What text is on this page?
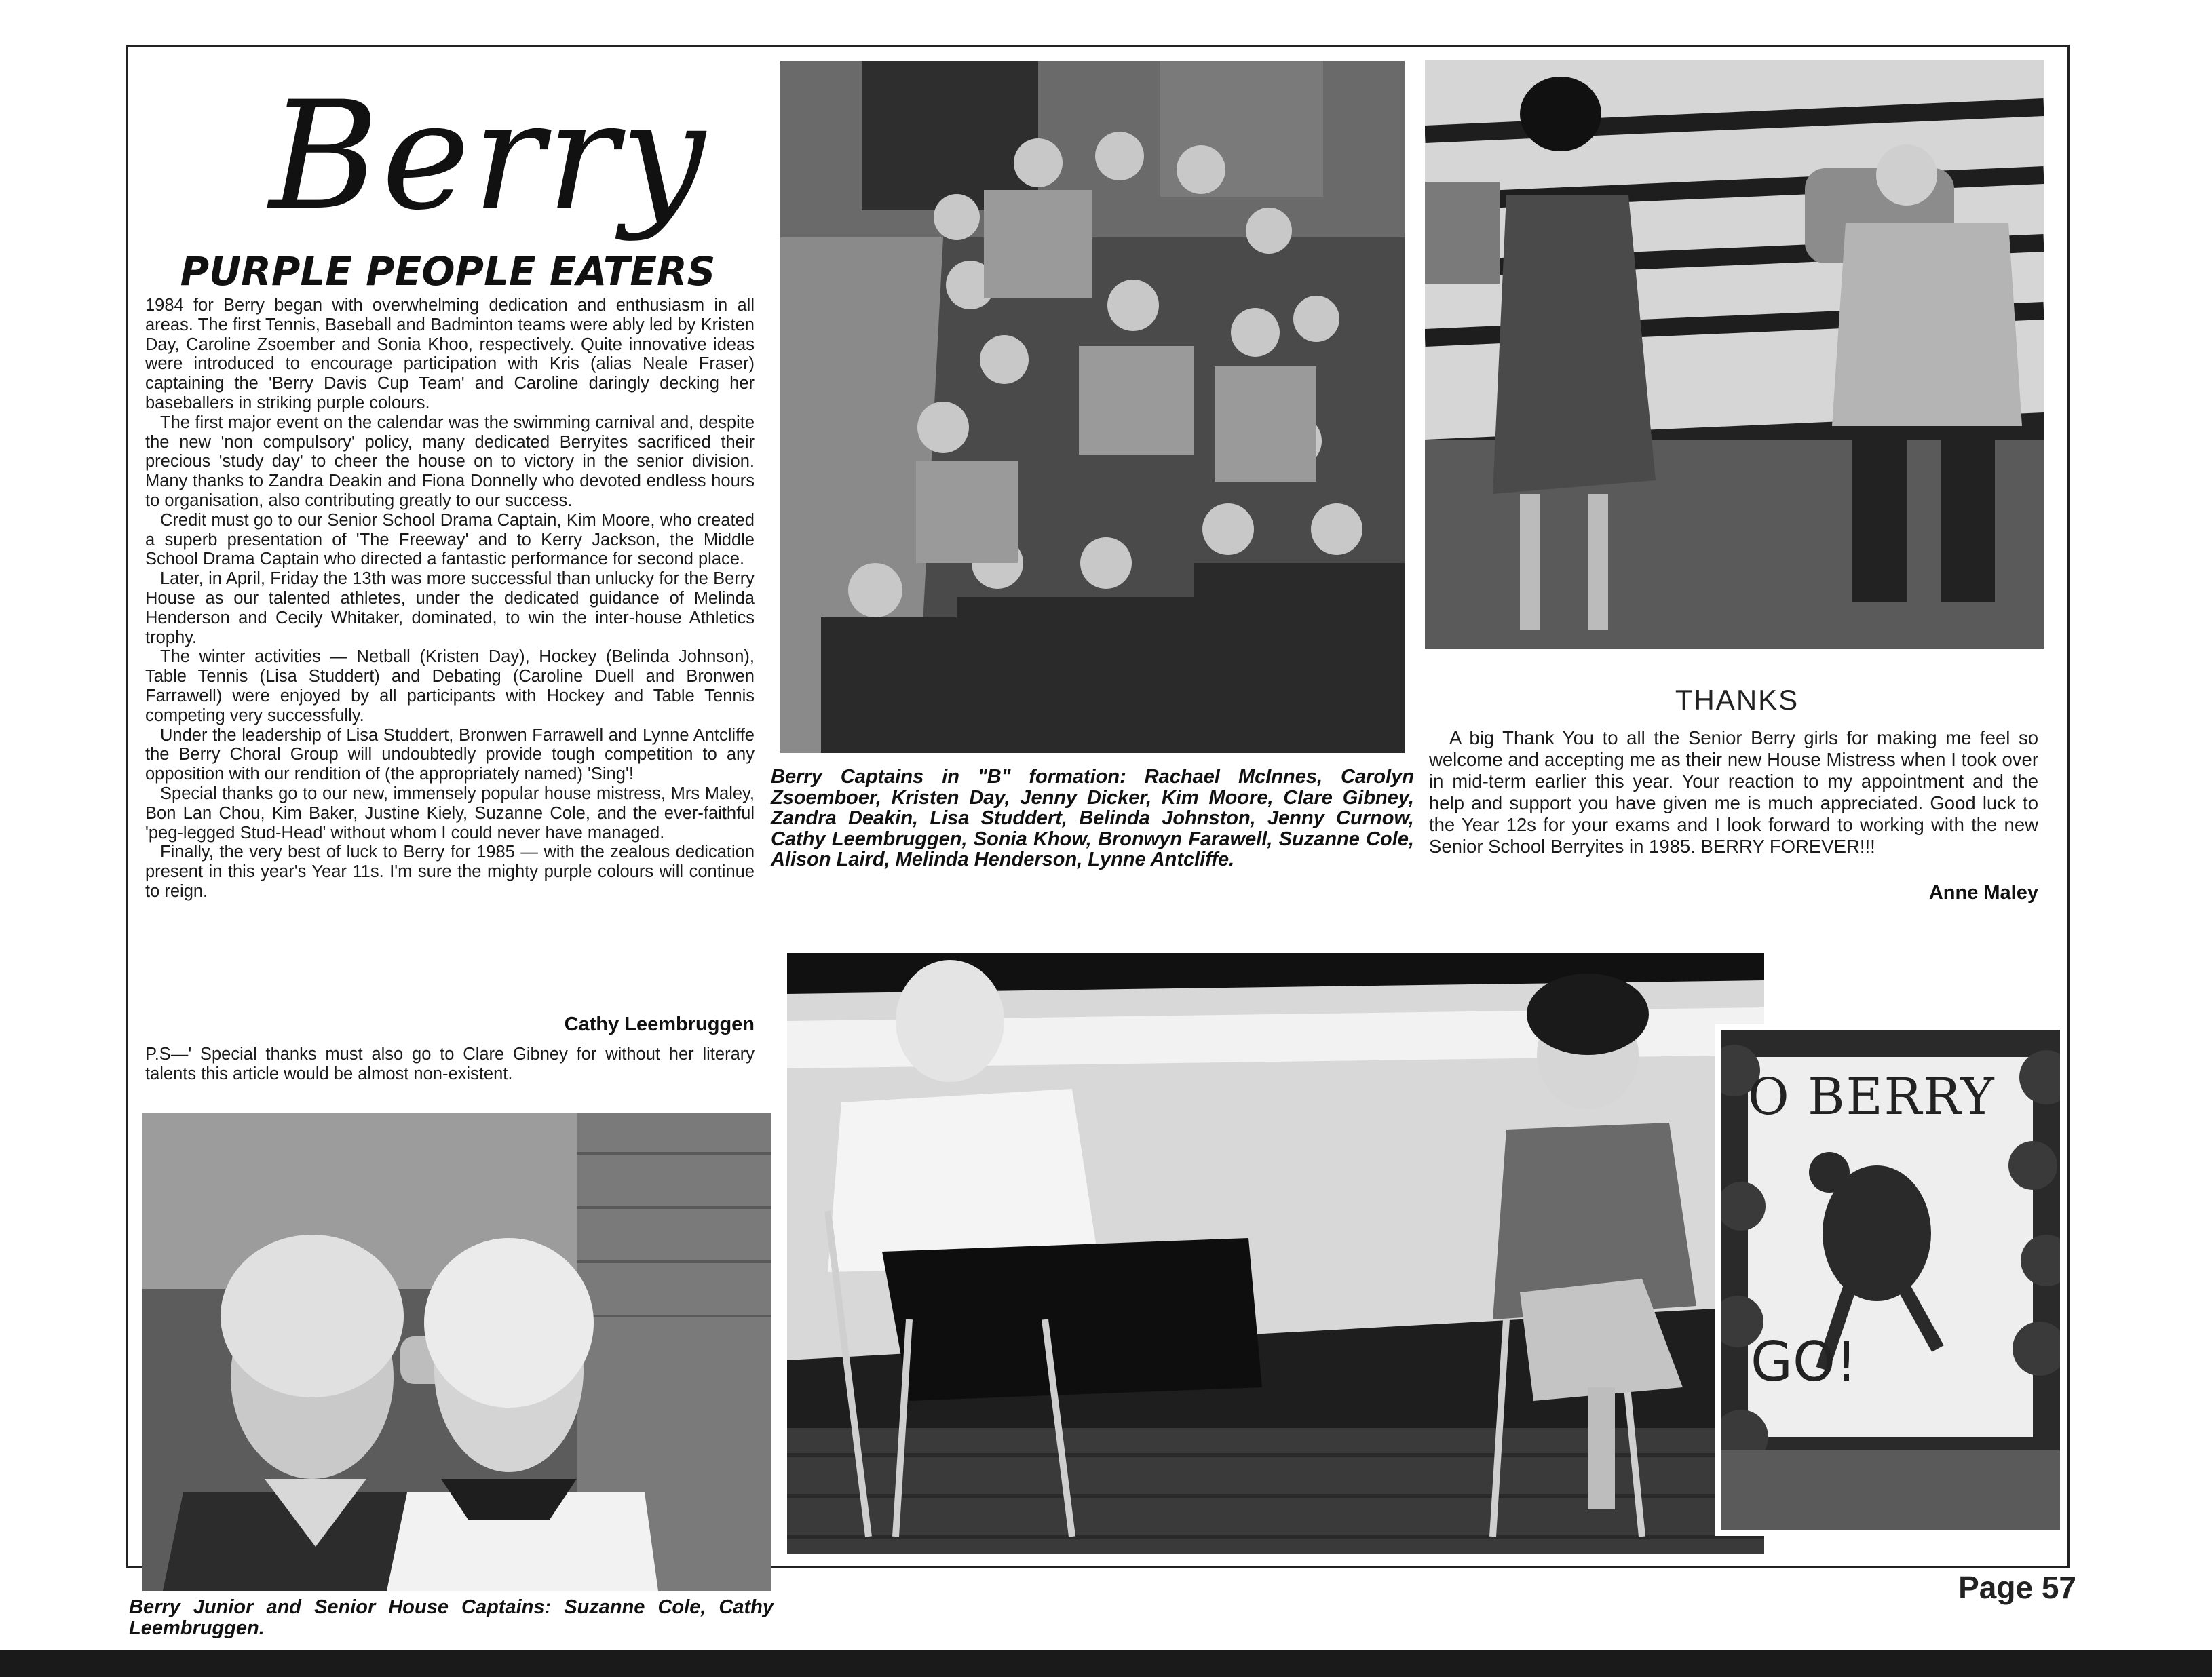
Berry
PURPLE PEOPLE EATERS

1984 for Berry began with overwhelming dedication and enthusiasm in all areas. The first Tennis, Baseball and Badminton teams were ably led by Kristen Day, Caroline Zsoember and Sonia Khoo, respectively. Quite innovative ideas were introduced to encourage participation with Kris (alias Neale Fraser) captaining the 'Berry Davis Cup Team' and Caroline daringly decking her baseballers in striking purple colours.

The first major event on the calendar was the swimming carnival and, despite the new 'non compulsory' policy, many dedicated Berryites sacrificed their precious 'study day' to cheer the house on to victory in the senior division. Many thanks to Zandra Deakin and Fiona Donnelly who devoted endless hours to organisation, also contributing greatly to our success.

Credit must go to our Senior School Drama Captain, Kim Moore, who created a superb presentation of 'The Freeway' and to Kerry Jackson, the Middle School Drama Captain who directed a fantastic performance for second place.

Later, in April, Friday the 13th was more successful than unlucky for the Berry House as our talented athletes, under the dedicated guidance of Melinda Henderson and Cecily Whitaker, dominated, to win the inter-house Athletics trophy.

The winter activities — Netball (Kristen Day), Hockey (Belinda Johnson), Table Tennis (Lisa Studdert) and Debating (Caroline Duell and Bronwen Farrawell) were enjoyed by all participants with Hockey and Table Tennis competing very successfully.

Under the leadership of Lisa Studdert, Bronwen Farrawell and Lynne Antcliffe the Berry Choral Group will undoubtedly provide tough competition to any opposition with our rendition of (the appropriately named) 'Sing'!

Special thanks go to our new, immensely popular house mistress, Mrs Maley, Bon Lan Chou, Kim Baker, Justine Kiely, Suzanne Cole, and the ever-faithful 'peg-legged Stud-Head' without whom I could never have managed.

Finally, the very best of luck to Berry for 1985 — with the zealous dedication present in this year's Year 11s. I'm sure the mighty purple colours will continue to reign.

Cathy Leembruggen
P.S—' Special thanks must also go to Clare Gibney for without her literary talents this article would be almost non-existent.
Berry Captains in "B" formation: Rachael McInnes, Carolyn Zsoemboer, Kristen Day, Jenny Dicker, Kim Moore, Clare Gibney, Zandra Deakin, Lisa Studdert, Belinda Johnston, Jenny Curnow, Cathy Leembruggen, Sonia Khow, Bronwyn Farawell, Suzanne Cole, Alison Laird, Melinda Henderson, Lynne Antcliffe.
THANKS

A big Thank You to all the Senior Berry girls for making me feel so welcome and accepting me as their new House Mistress when I took over in mid-term earlier this year. Your reaction to my appointment and the help and support you have given me is much appreciated. Good luck to the Year 12s for your exams and I look forward to working with the new Senior School Berryites in 1985. BERRY FOREVER!!!

Anne Maley
Berry Junior and Senior House Captains: Suzanne Cole, Cathy Leembruggen.
O BERRY
GO!
Page 57
